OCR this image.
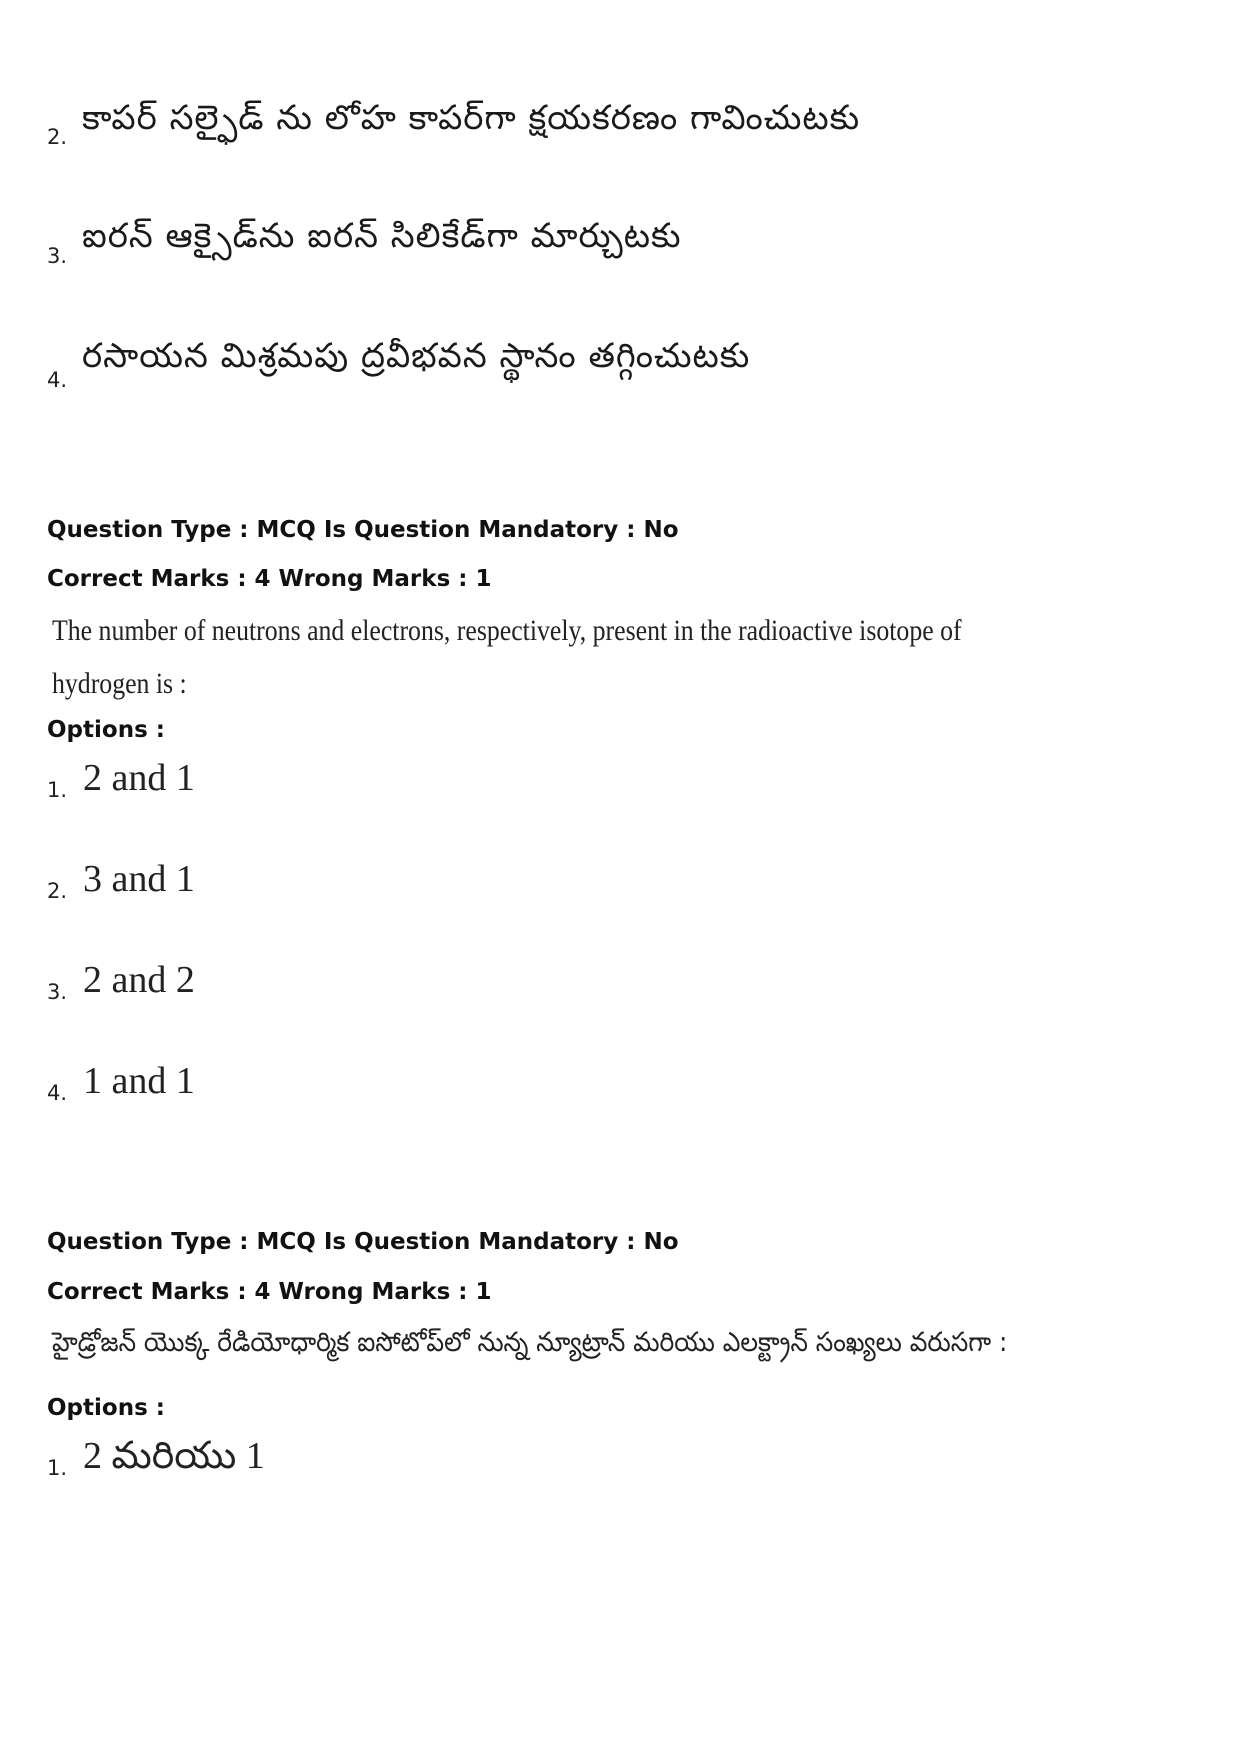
కాపర్ సల్ఫైడ్ ను లోహ కాపర్‌గా క్షయకరణం గావించుటకు
2.
ఐరన్ ఆక్సైడ్‌ను ఐరన్ సిలికేడ్‌గా మార్చుటకు
3.
రసాయన మిశ్రమపు ద్రవీభవన స్థానం తగ్గించుటకు
4.
Question Type : MCQ Is Question Mandatory : No
Correct Marks : 4 Wrong Marks : 1
The number of neutrons and electrons, respectively, present in the radioactive isotope of
hydrogen is :
Options :
2 and 1
1.
3 and 1
2.
2 and 2
3.
1 and 1
4.
Question Type : MCQ Is Question Mandatory : No
Correct Marks : 4 Wrong Marks : 1
హైడ్రోజన్ యొక్క రేడియోధార్మిక ఐసోటోప్‌లో నున్న న్యూట్రాన్ మరియు ఎలక్ట్రాన్ సంఖ్యలు వరుసగా :
Options :
2 మరియు 1
1.
